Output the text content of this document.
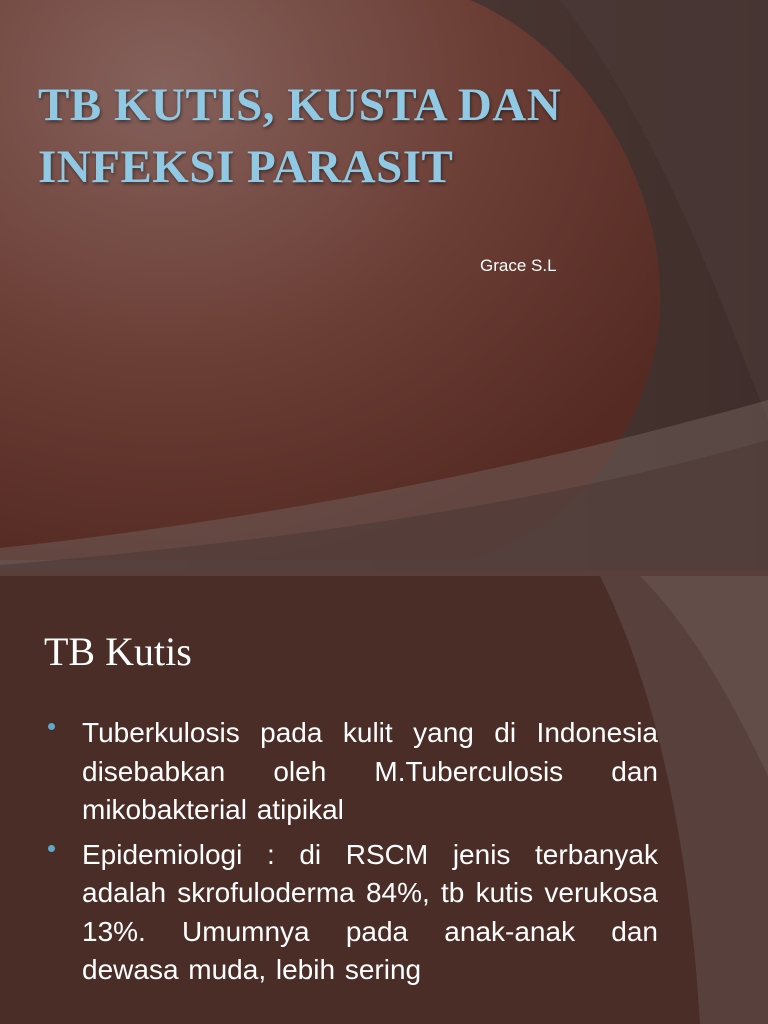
TB KUTIS, KUSTA DAN INFEKSI PARASIT

Grace S.L

TB Kutis
Tuberkulosis pada kulit yang di Indonesia disebabkan oleh M.Tuberculosis dan mikobakterial atipikal
Epidemiologi : di RSCM jenis terbanyak adalah skrofuloderma 84%, tb kutis verukosa 13%. Umumnya pada anak-anak dan dewasa muda, lebih sering
